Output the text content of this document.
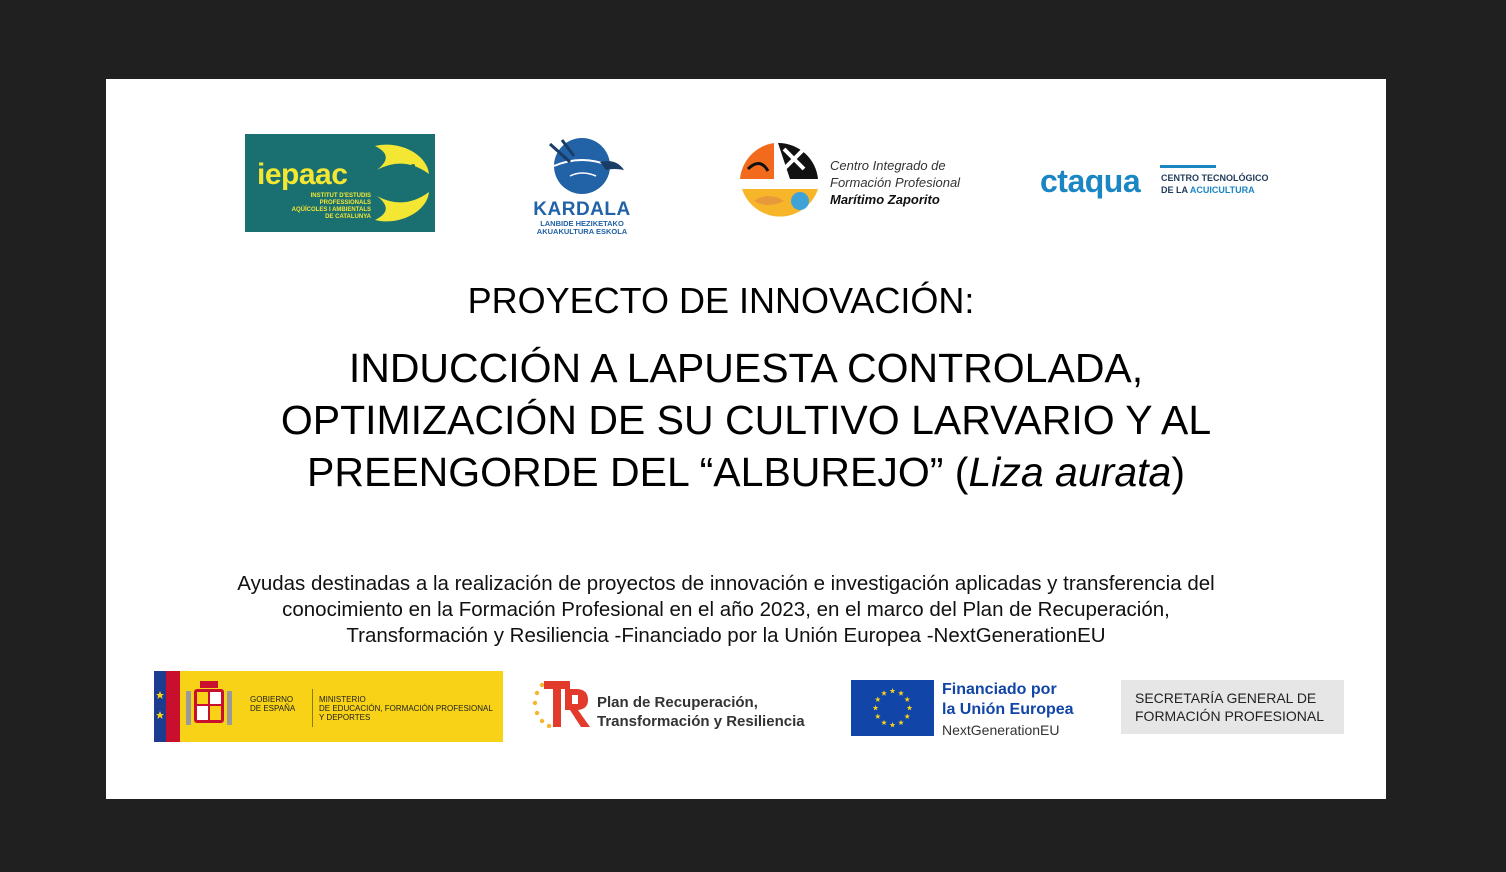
iepaac
INSTITUT D'ESTUDIS
PROFESSIONALS
AQÜÍCOLES I AMBIENTALS
DE CATALUNYA	KARDALA
LANBIDE HEZIKETAKO
AKUAKULTURA ESKOLA
Centro Integrado de
Formación Profesional
Marítimo Zaporito
ctaqua CENTRO TECNOLÓGICO
DE LA ACUICULTURA
PROYECTO DE INNOVACIÓN:
INDUCCIÓN A LAPUESTA CONTROLADA,
OPTIMIZACIÓN DE SU CULTIVO LARVARIO Y AL
PREENGORDE DEL “ALBUREJO” (Liza aurata)
Ayudas destinadas a la realización de proyectos de innovación e investigación aplicadas y transferencia del
conocimiento en la Formación Profesional en el año 2023, en el marco del Plan de Recuperación,
Transformación y Resiliencia -Financiado por la Unión Europea -NextGenerationEU
GOBIERNO
DE ESPAÑA
MINISTERIO
DE EDUCACIÓN, FORMACIÓN PROFESIONAL
Y DEPORTES
Plan de Recuperación,
Transformación y Resiliencia
Financiado por
la Unión Europea
NextGenerationEU
SECRETARÍA GENERAL DE
FORMACIÓN PROFESIONAL
